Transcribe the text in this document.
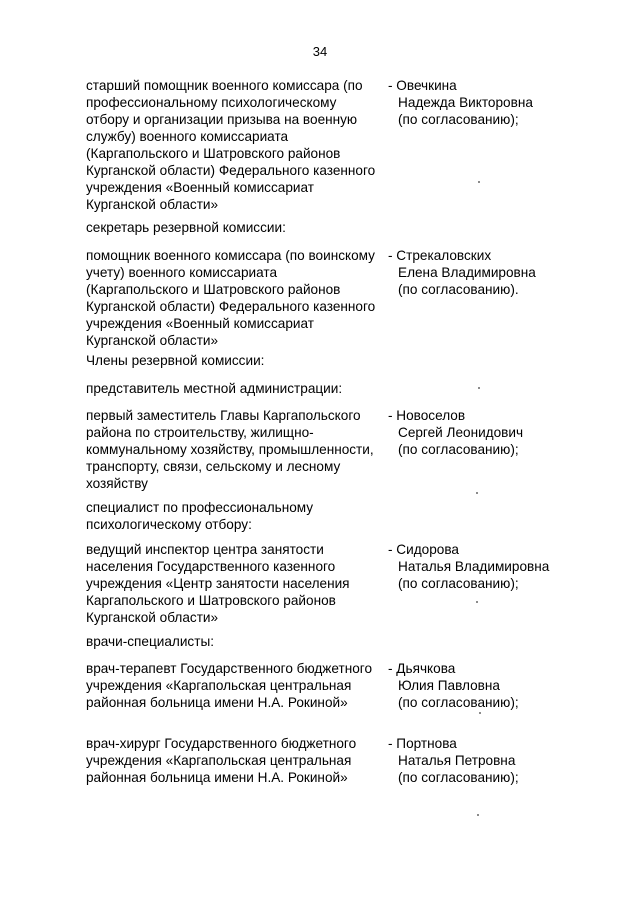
34
старший помощник военного комиссара (по профессиональному психологическому отбору и организации призыва на военную службу) военного комиссариата (Каргапольского и Шатровского районов Курганской области) Федерального казенного учреждения «Военный комиссариат Курганской области»
- Овечкина
Надежда Викторовна
(по согласованию);
секретарь резервной комиссии:
помощник военного комиссара (по воинскому учету) военного комиссариата (Каргапольского и Шатровского районов Курганской области) Федерального казенного учреждения «Военный комиссариат Курганской области»
- Стрекаловских
Елена Владимировна
(по согласованию).
Члены резервной комиссии:
представитель местной администрации:
первый заместитель Главы Каргапольского района по строительству, жилищно-коммунальному хозяйству, промышленности, транспорту, связи, сельскому и лесному хозяйству
- Новоселов
Сергей Леонидович
(по согласованию);
специалист по профессиональному психологическому отбору:
ведущий инспектор центра занятости населения Государственного казенного учреждения «Центр занятости населения Каргапольского и Шатровского районов Курганской области»
- Сидорова
Наталья Владимировна
(по согласованию);
врачи-специалисты:
врач-терапевт Государственного бюджетного учреждения «Каргапольская центральная районная больница имени Н.А. Рокиной»
- Дьячкова
Юлия Павловна
(по согласованию);
врач-хирург Государственного бюджетного учреждения «Каргапольская центральная районная больница имени Н.А. Рокиной»
- Портнова
Наталья Петровна
(по согласованию);
